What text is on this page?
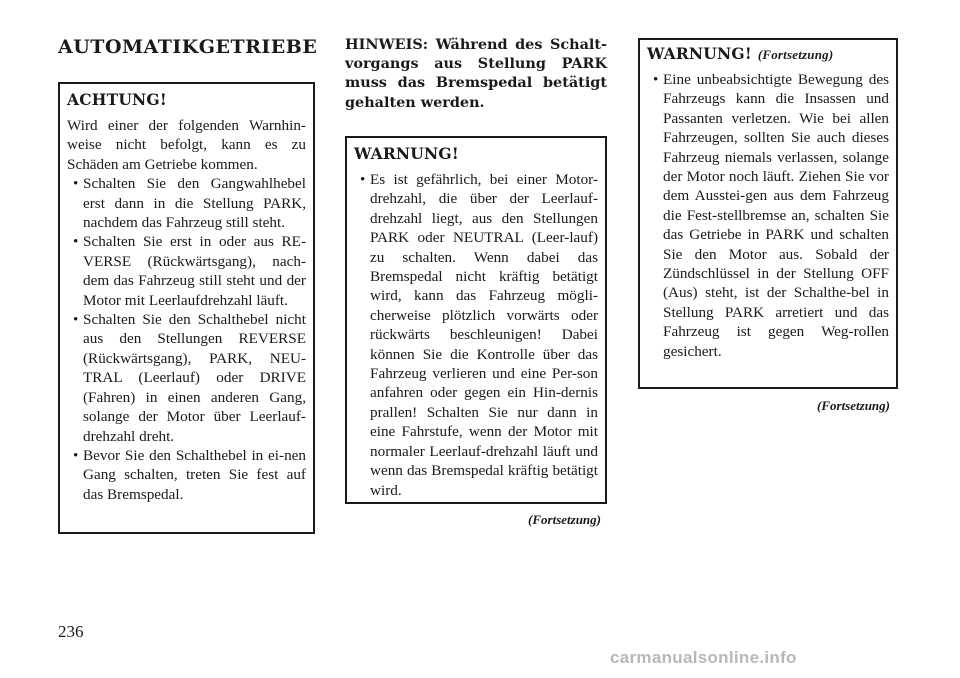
AUTOMATIKGETRIEBE
ACHTUNG!

Wird einer der folgenden Warnhin-weise nicht befolgt, kann es zu Schäden am Getriebe kommen.

• Schalten Sie den Gangwahlhebel erst dann in die Stellung PARK, nachdem das Fahrzeug still steht.
• Schalten Sie erst in oder aus RE-VERSE (Rückwärtsgang), nach-dem das Fahrzeug still steht und der Motor mit Leerlaufdrehzahl läuft.
• Schalten Sie den Schalthebel nicht aus den Stellungen REVERSE (Rückwärtsgang), PARK, NEU-TRAL (Leerlauf) oder DRIVE (Fahren) in einen anderen Gang, solange der Motor über Leerlauf-drehzahl dreht.
• Bevor Sie den Schalthebel in ei-nen Gang schalten, treten Sie fest auf das Bremspedal.
HINWEIS: Während des Schalt-vorgangs aus Stellung PARK muss das Bremspedal betätigt gehalten werden.
WARNUNG!
• Es ist gefährlich, bei einer Motor-drehzahl, die über der Leerlauf-drehzahl liegt, aus den Stellungen PARK oder NEUTRAL (Leer-lauf) zu schalten. Wenn dabei das Bremspedal nicht kräftig betätigt wird, kann das Fahrzeug mögli-cherweise plötzlich vorwärts oder rückwärts beschleunigen! Dabei können Sie die Kontrolle über das Fahrzeug verlieren und eine Per-son anfahren oder gegen ein Hin-dernis prallen! Schalten Sie nur dann in eine Fahrstufe, wenn der Motor mit normaler Leerlauf-drehzahl läuft und wenn das Bremspedal kräftig betätigt wird.
(Fortsetzung)
WARNUNG! (Fortsetzung)
• Eine unbeabsichtigte Bewegung des Fahrzeugs kann die Insassen und Passanten verletzen. Wie bei allen Fahrzeugen, sollten Sie auch dieses Fahrzeug niemals verlassen, solange der Motor noch läuft. Ziehen Sie vor dem Ausstei-gen aus dem Fahrzeug die Fest-stellbremse an, schalten Sie das Getriebe in PARK und schalten Sie den Motor aus. Sobald der Zündschlüssel in der Stellung OFF (Aus) steht, ist der Schalthe-bel in Stellung PARK arretiert und das Fahrzeug ist gegen Weg-rollen gesichert.
(Fortsetzung)
236
carmanualsonline.info
